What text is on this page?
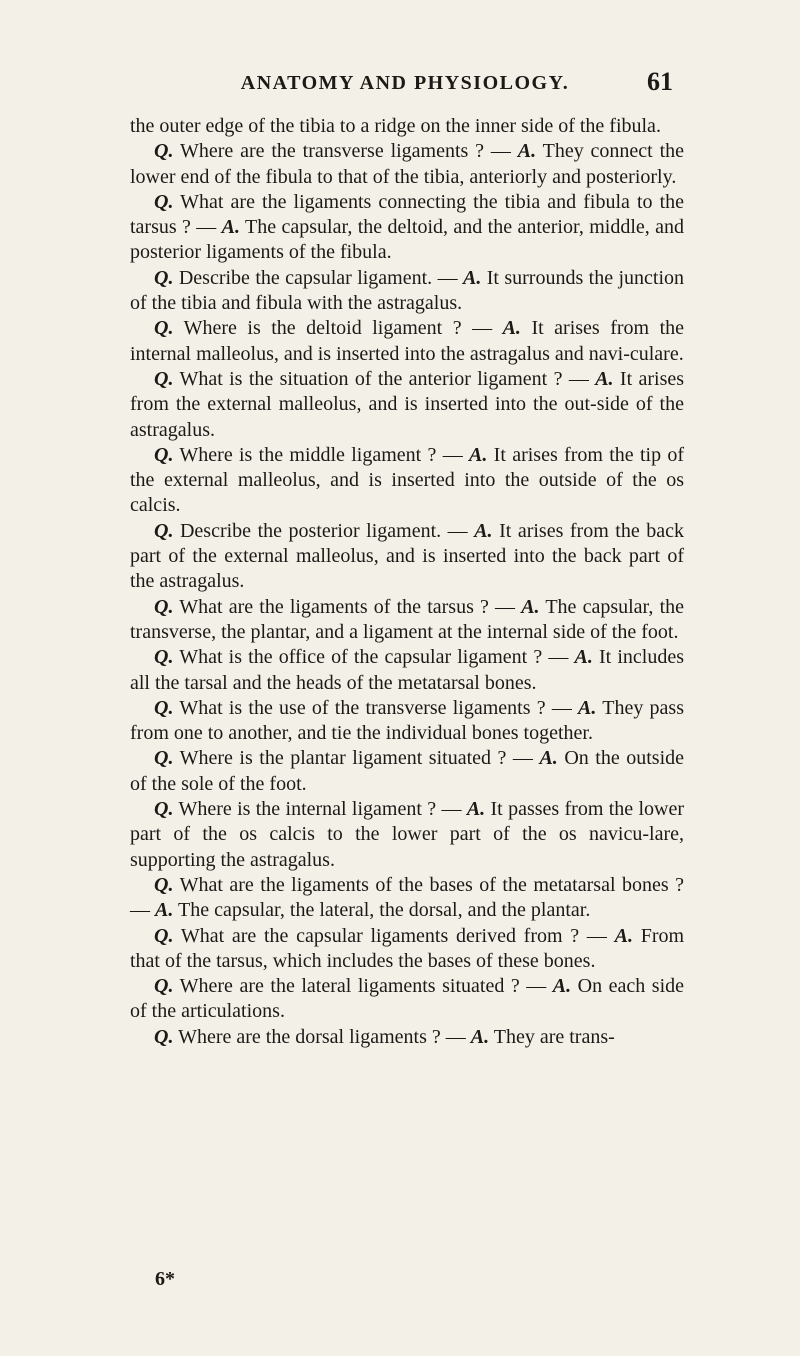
ANATOMY AND PHYSIOLOGY.	61

the outer edge of the tibia to a ridge on the inner side of the fibula.

Q. Where are the transverse ligaments ? — A. They connect the lower end of the fibula to that of the tibia, anteriorly and posteriorly.

Q. What are the ligaments connecting the tibia and fibula to the tarsus ? — A. The capsular, the deltoid, and the anterior, middle, and posterior ligaments of the fibula.

Q. Describe the capsular ligament. — A. It surrounds the junction of the tibia and fibula with the astragalus.

Q. Where is the deltoid ligament ? — A. It arises from the internal malleolus, and is inserted into the astragalus and navi-culare.

Q. What is the situation of the anterior ligament ? — A. It arises from the external malleolus, and is inserted into the out-side of the astragalus.

Q. Where is the middle ligament ? — A. It arises from the tip of the external malleolus, and is inserted into the outside of the os calcis.

Q. Describe the posterior ligament. — A. It arises from the back part of the external malleolus, and is inserted into the back part of the astragalus.

Q. What are the ligaments of the tarsus ? — A. The capsular, the transverse, the plantar, and a ligament at the internal side of the foot.

Q. What is the office of the capsular ligament ? — A. It includes all the tarsal and the heads of the metatarsal bones.

Q. What is the use of the transverse ligaments ? — A. They pass from one to another, and tie the individual bones together.

Q. Where is the plantar ligament situated ? — A. On the outside of the sole of the foot.

Q. Where is the internal ligament ? — A. It passes from the lower part of the os calcis to the lower part of the os navicu-lare, supporting the astragalus.

Q. What are the ligaments of the bases of the metatarsal bones ? — A. The capsular, the lateral, the dorsal, and the plantar.

Q. What are the capsular ligaments derived from ? — A. From that of the tarsus, which includes the bases of these bones.

Q. Where are the lateral ligaments situated ? — A. On each side of the articulations.

Q. Where are the dorsal ligaments ? — A. They are trans-

6*
